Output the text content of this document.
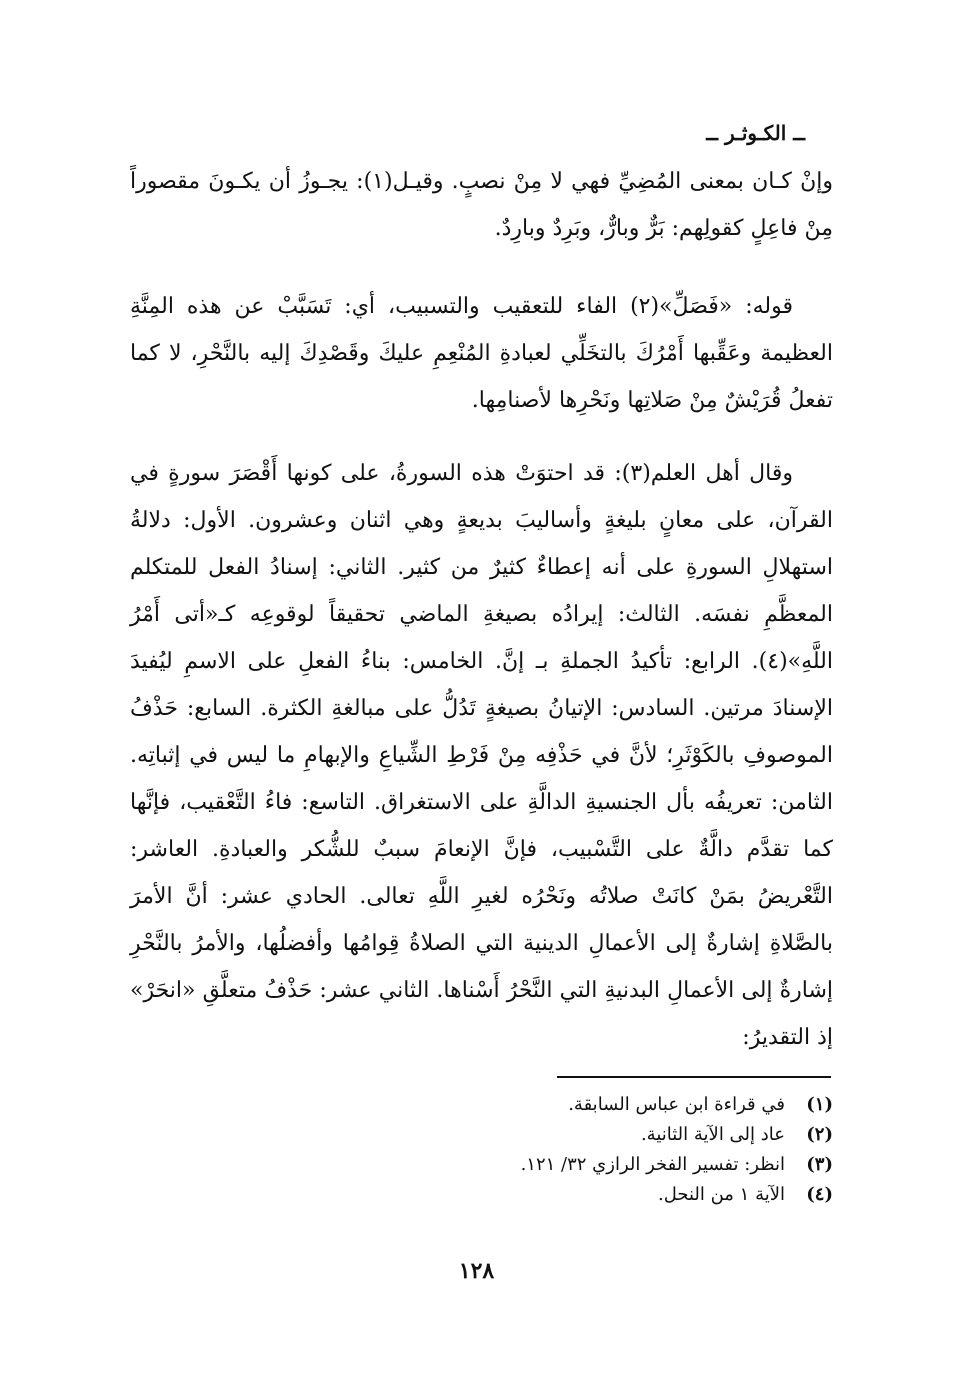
ــ الكـوثـر ــ

وإنْ كـان بمعنى المُضِيِّ فهي لا مِنْ نصبٍ. وقيـل(١): يجـوزُ أن يكـونَ مقصوراً مِنْ فاعِلٍ كقولِهم: بَرٌّ وبارٌّ، وبَرِدٌ وبارِدٌ.

قوله: «فَصَلِّ»(٢) الفاء للتعقيب والتسبيب، أي: تَسَبَّبْ عن هذه المِنَّةِ العظيمة وعَقِّبها أَمْرُكَ بالتخَلِّي لعبادةِ المُنْعِمِ عليكَ وقَصْدِكَ إليه بالنَّحْرِ، لا كما تفعلُ قُرَيْشٌ مِنْ صَلاتِها ونَحْرِها لأصنامِها.

وقال أهل العلم(٣): قد احتوَتْ هذه السورةُ، على كونها أَقْصَرَ سورةٍ في القرآن، على معانٍ بليغةٍ وأساليبَ بديعةٍ وهي اثنان وعشرون. الأول: دلالةُ استهلالِ السورةِ على أنه إعطاءٌ كثيرٌ من كثير. الثاني: إسنادُ الفعل للمتكلم المعظَّمِ نفسَه. الثالث: إيرادُه بصيغةِ الماضي تحقيقاً لوقوعِه كـ«أتى أَمْرُ اللَّهِ»(٤). الرابع: تأكيدُ الجملةِ بـ إنَّ. الخامس: بناءُ الفعلِ على الاسمِ ليُفيدَ الإسنادَ مرتين. السادس: الإتيانُ بصيغةٍ تَدُلُّ على مبالغةِ الكثرة. السابع: حَذْفُ الموصوفِ بالكَوْثَرِ؛ لأنَّ في حَذْفِه مِنْ فَرْطِ الشِّياعِ والإبهامِ ما ليس في إثباتِه. الثامن: تعريفُه بأل الجنسيةِ الدالَّةِ على الاستغراق. التاسع: فاءُ التَّعْقيب، فإنَّها كما تقدَّم دالَّةٌ على التَّسْبيب، فإنَّ الإنعامَ سببٌ للشُّكر والعبادةِ. العاشر: التَّعْريضُ بمَنْ كانَتْ صلاتُه ونَحْرُه لغيرِ اللَّهِ تعالى. الحادي عشر: أنَّ الأمرَ بالصَّلاةِ إشارةٌ إلى الأعمالِ الدينية التي الصلاةُ قِوامُها وأفضلُها، والأمرُ بالنَّحْرِ إشارةٌ إلى الأعمالِ البدنيةِ التي النَّحْرُ أَسْناها. الثاني عشر: حَذْفُ متعلَّقِ «انحَرْ» إذ التقديرُ:

(١)
في قراءة ابن عباس السابقة.
(٢)
عاد إلى الآية الثانية.
(٣)
انظر: تفسير الفخر الرازي ٣٢/ ١٢١.
(٤)
الآية ١ من النحل.
١٢٨
